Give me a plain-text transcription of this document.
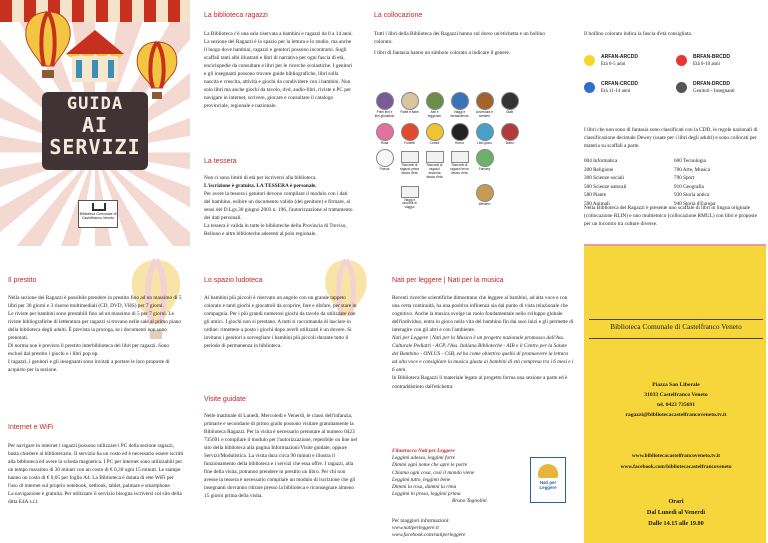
GUIDA
AI
SERVIZI
Biblioteca Comunale di Castelfranco Veneto
La biblioteca ragazzi

La Biblioteca c'è una sala riservata a bambini e ragazzi da 0 a 14 anni. La sezione dei Ragazzi è lo spazio per la lettura e lo studio, ma anche il luogo dove bambini, ragazzi e genitori possono incontrarsi. Sugli scaffali tanti albi illustrati e libri di narrativa per ogni fascia di età, enciclopedie da consultare e libri per le ricerche scolastiche. I genitori e gli insegnanti possono trovare guide bibliografiche, libri sulla nascita e crescita, attività e giochi da condividere con i bambini. Non solo libri ma anche giochi da tavolo, dvd, audio-libri, riviste e PC per navigare in internet, scrivere, giocare e consultare il catalogo provinciale, regionale e nazionale.

La tessera

Non ci sono limiti di età per iscriversi alla biblioteca.

L'iscrizione è gratuita. LA TESSERA è personale.

Per avere la tessera i genitori devono compilare il modulo con i dati del bambino, esibire un documento valido (del genitore) e firmare, ai sensi del D.Lgs.30 giugno 2003 n. 196, l'autorizzazione al trattamento dei dati personali.

La tessera è valida in tutte le biblioteche della Provincia di Treviso, Belluno e altre biblioteche aderenti al polo regionale.

La collocazione

Tutti i libri della Biblioteca dei Ragazzi hanno sul dorso un'etichetta e un bollino colorato.

I libri di fantasia hanno un simbolo colorato a indicare il genere.

Primi libri e libri giocattolo
Fiabe e fiabe	Albi e leggende
Viaggi e fantascienza
Avventura e western
Gialli
Rosa	Fumetti	Comici	Horror	Libri-gioco	Teatro
Poesia
Racconti di ragazzi prima fascia d'età
Racconti di ragazzi seconda fascia d'età
Racconti di ragazzi terza fascia d'età
Fantasy
Viaggi e racconti di viaggio
Western
Il bollino colorato indica la fascia d'età consigliata.
ARFAN-ARCDD
Età 0-5 anni
BRFAN-BRCDD
Età 6-10 anni
CRFAN-CRCDD
Età 11-14 anni
DRFAN-DRCDD
Genitori - Insegnanti
I libri che non sono di fantasia sono classificati con la CDD, le regole nazionali di classificazione decimale Dewey (usate per i libri degli adulti) e sono collocati per materia su scaffali a parte.
004 Informatica	600 Tecnologia
200 Religione	700 Arte, Musica
300 Scienze sociali	790 Sport
500 Scienze naturali	910 Geografia
580 Piante	930 Storia antica
590 Animali	940 Storia d'Europa
Nella Biblioteca dei Ragazzi è presente uno scaffale di libri in lingua originale (collocazione RLIN) e uno multietnico (collocazione RMUL) con libri e proposte per un incontro tra culture diverse.
Il prestito

Nella sezione dei Ragazzi è possibile prendere in prestito fino ad un massimo di 5 libri per 30 giorni e 3 risorse multimediali (CD, DVD, VHS) per 7 giorni.

Le riviste per bambini sono prestabili fino ad un massimo di 5 per 7 giorni. Le riviste bibliografiche di letteratura per ragazzi si trovano nelle sale al primo piano della biblioteca degli adulti. È prevista la proroga, se i documenti non sono prenotati.

Di norma non è previsto il prestito interbiblioteca dei libri per ragazzi. Sono esclusi dal prestito i giochi e i libri pop up.

I ragazzi, i genitori e gli insegnanti sono invitati a portare le loro proposte di acquisto per la sezione.

Internet e WiFi

Per navigare in internet i ragazzi possono utilizzare i PC della sezione ragazzi, basta chiedere al bibliotecario. Il servizio ha un costo ed è necessario essere iscritti alla biblioteca ed avere la scheda magnetica. I PC per internet sono utilizzabili per un tempo massimo di 30 minuti con un costo di € 0,30 ogni 15 minuti. Le stampe hanno un costo di € 0,05 per foglio A4. La Biblioteca è dotata di rete WiFi per l'uso di internet sul proprio notebook, netbook, tablet, palmare e smartphone.

La navigazione è gratuita. Per utilizzare il servizio bisogna iscriversi col sito della ditta E4A s.r.l.

Lo spazio ludoteca

Ai bambini più piccoli è riservato un angolo con un grande tappeto colorato e tanti giochi e giocattoli da scoprire, fare e disfare, per stare in compagnia. Per i più grandi numerosi giochi da tavolo da utilizzare con gli amici. I giochi non si prestano. A tutti si raccomanda di lasciare in ordine: rimettere a posto i giochi dopo averli utilizzati è un dovere. Si invitano i genitori a sorvegliare i bambini più piccoli durante tutto il periodo di permanenza in biblioteca.

Visite guidate

Nelle mattinate di Lunedì, Mercoledì e Venerdì, le classi dell'infanzia, primarie e secondarie di primo grado possono visitare gratuitamente la Biblioteca Ragazzi. Per la visita è necessario prenotare al numero 0423 735691 e compilare il modulo per l'autorizzazione, reperibile on line nel sito della biblioteca alla pagina Informazioni/Visite guidate, oppure Servizi/Modulistica. La visita dura circa 90 minuti e illustra il funzionamento della biblioteca e i servizi che essa offre. I ragazzi, alla fine della visita, potranno prendere in prestito un libro. Per chi non avesse la tessera è necessario compilare un modulo di iscrizione che gli insegnanti dovranno ritirare presso la biblioteca e riconsegnare almeno 15 giorni prima della visita.

Nati per leggere | Nati per la musica

Recenti ricerche scientifiche dimostrano che leggere ai bambini, ad alta voce e con una certa continuità, ha una positiva influenza sia dal punto di vista relazionale che cognitivo. Anche la musica svolge un ruolo fondamentale nello sviluppo globale dell'individuo, entra in gioco nella vita del bambino fin dai suoi inizi e gli permette di interagire con gli altri e con l'ambiente.

Nati per Leggere | Nati per la Musica è un progetto nazionale promosso dall'Ass. Culturale Pediatri - ACP, l'Ass. Italiana Biblioteche - AIB e il Centro per la Salute del Bambino - ONLUS - CSB, ed ha come obiettivo quello di promuovere la lettura ad alta voce e consigliare la musica giusta ai bambini di età compresa tra i 6 mesi e i 6 anni.

In Biblioteca Ragazzi il materiale legato al progetto forma una sezione a parte ed è contraddistinto dall'etichetta:

Filastrocca Nati per Leggere

Leggimi adesso, leggimi forte

Dimmi ogni nome che apre le porte

Chiama ogni cosa, così il mondo viene

Leggimi tutto, leggimi bene

Dimmi la rosa, dammi la rima

Leggimi in prosa, leggimi prima

Bruno Tognolini

Nati per
Leggere

Per maggiori informazioni:

www.natiperleggere.it

www.facebook.com/natiperleggere

Biblioteca Comunale di Castelfranco Veneto
Piazza San Liberale
31033 Castelfranco Veneto
tel. 0423 735691
ragazzi@bibliotecacastelfrancoveneto.tv.it
www.bibliotecacastelfrancoveneto.tv.it
www.facebook.com/bibliotecacastelfrancoveneto
Orari
Dal Lunedì al Venerdì
Dalle 14.15 alle 19.00
